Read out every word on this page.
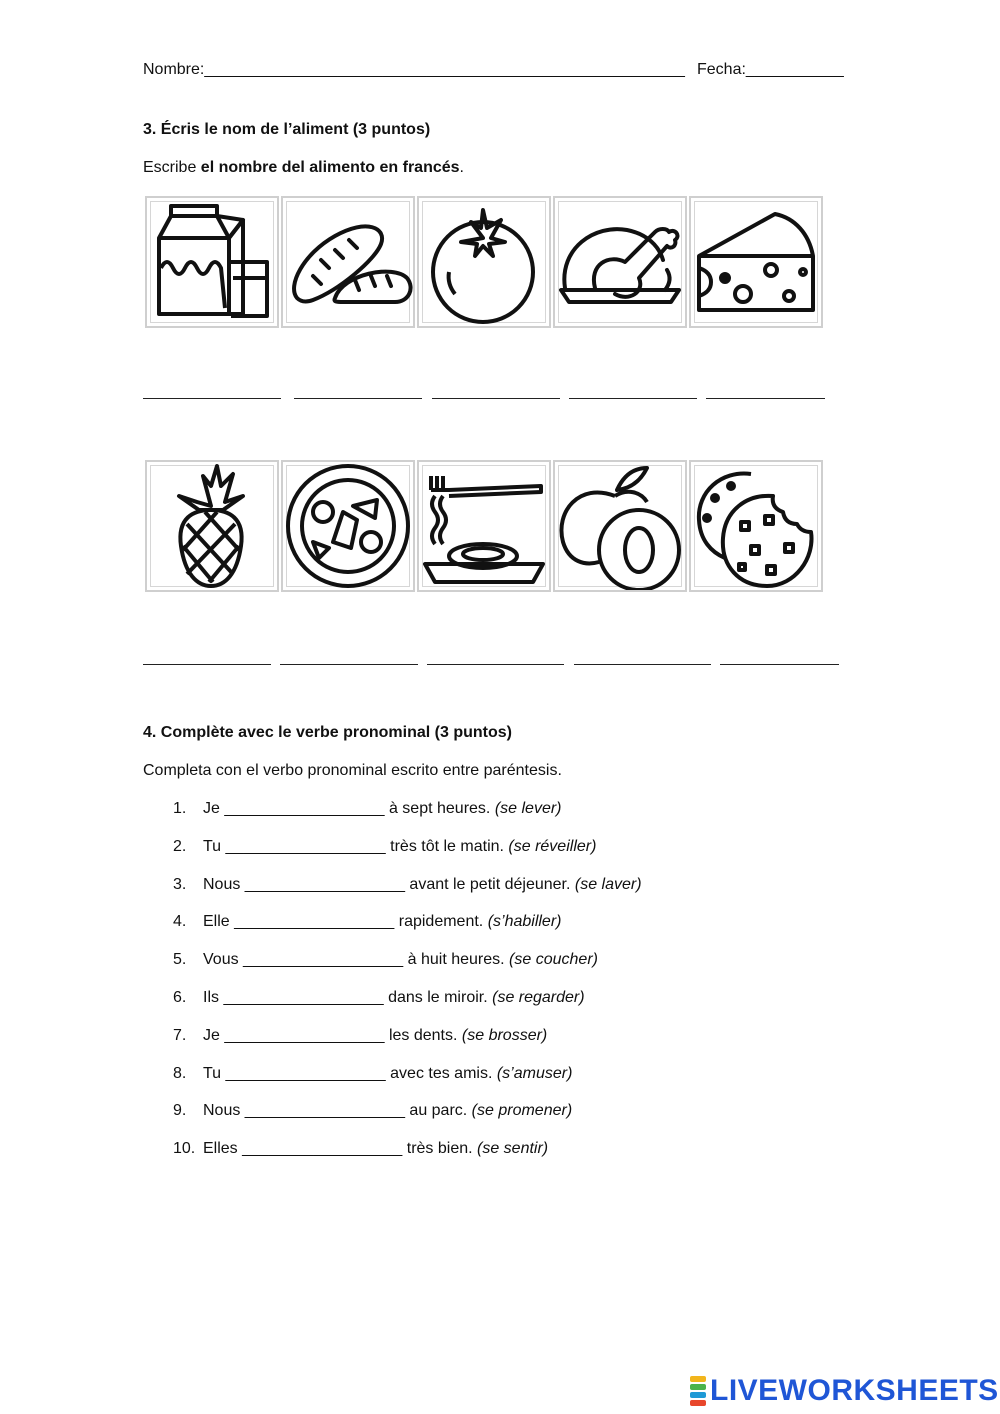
Nombre:______________________________________________________ Fecha:___________
3. Écris le nom de l’aliment (3 puntos)
Escribe el nombre del alimento en francés.
4. Complète avec le verbe pronominal (3 puntos)
Completa con el verbo pronominal escrito entre paréntesis.
1. Je __________________ à sept heures. (se lever)
2. Tu __________________ très tôt le matin. (se réveiller)
3. Nous __________________ avant le petit déjeuner. (se laver)
4. Elle __________________ rapidement. (s’habiller)
5. Vous __________________ à huit heures. (se coucher)
6. Ils __________________ dans le miroir. (se regarder)
7. Je __________________ les dents. (se brosser)
8. Tu __________________ avec tes amis. (s’amuser)
9. Nous __________________ au parc. (se promener)
10. Elles __________________ très bien. (se sentir)
LIVEWORKSHEETS
